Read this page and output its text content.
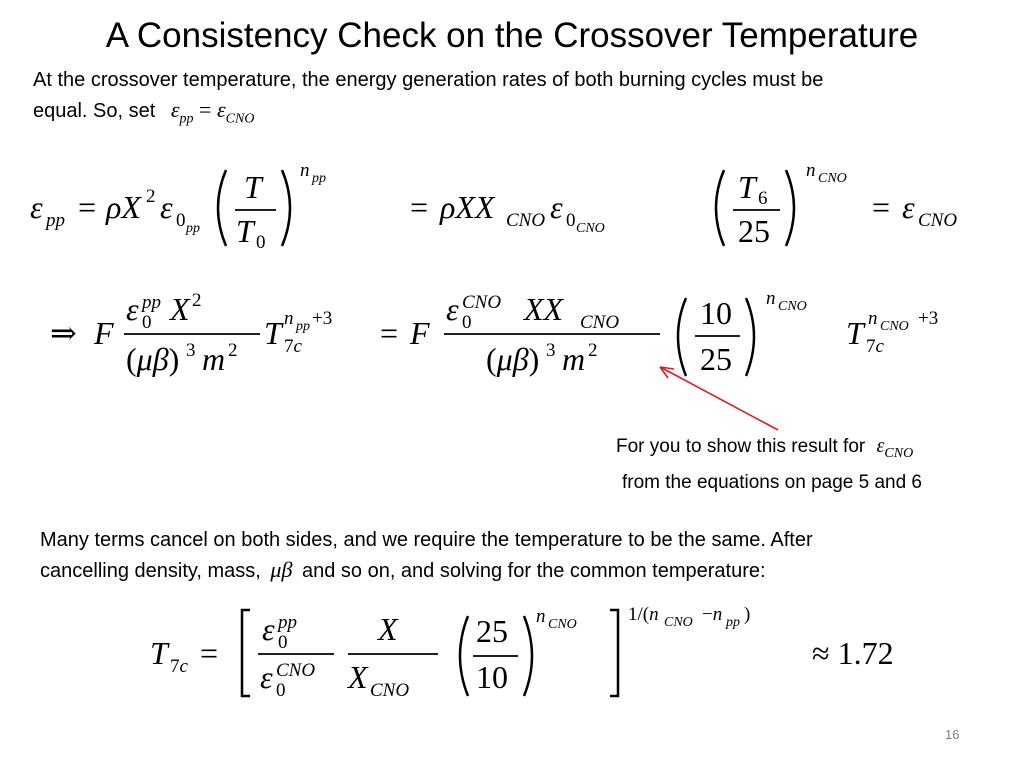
A Consistency Check on the Crossover Temperature
At the crossover temperature, the energy generation rates of both burning cycles must be
equal. So, set $\varepsilon_{pp} = \varepsilon_{CNO}$
ε pp = ρX 2 ε 0 pp
T
T 0
n pp
= ρXX CNO ε 0 CNO
T 6
25
n CNO
= ε CNO
⇒ F
ε 0
pp X 2
(μβ) 3 m 2 T 7c
n pp +3 = F
ε 0
CNO XX CNO
(μβ) 3 m 2
10
25
n CNO
T 7c
n CNO +3
For you to show this result for $\varepsilon_{CNO}$
from the equations on page 5 and 6
Many terms cancel on both sides, and we require the temperature to be the same. After
cancelling density, mass, μβ and so on, and solving for the common temperature:
T 7c =
ε 0
pp
ε 0
CNO
X
X CNO
25
10
n CNO	1/(n CNO −n pp )
≈ 1.72
16
